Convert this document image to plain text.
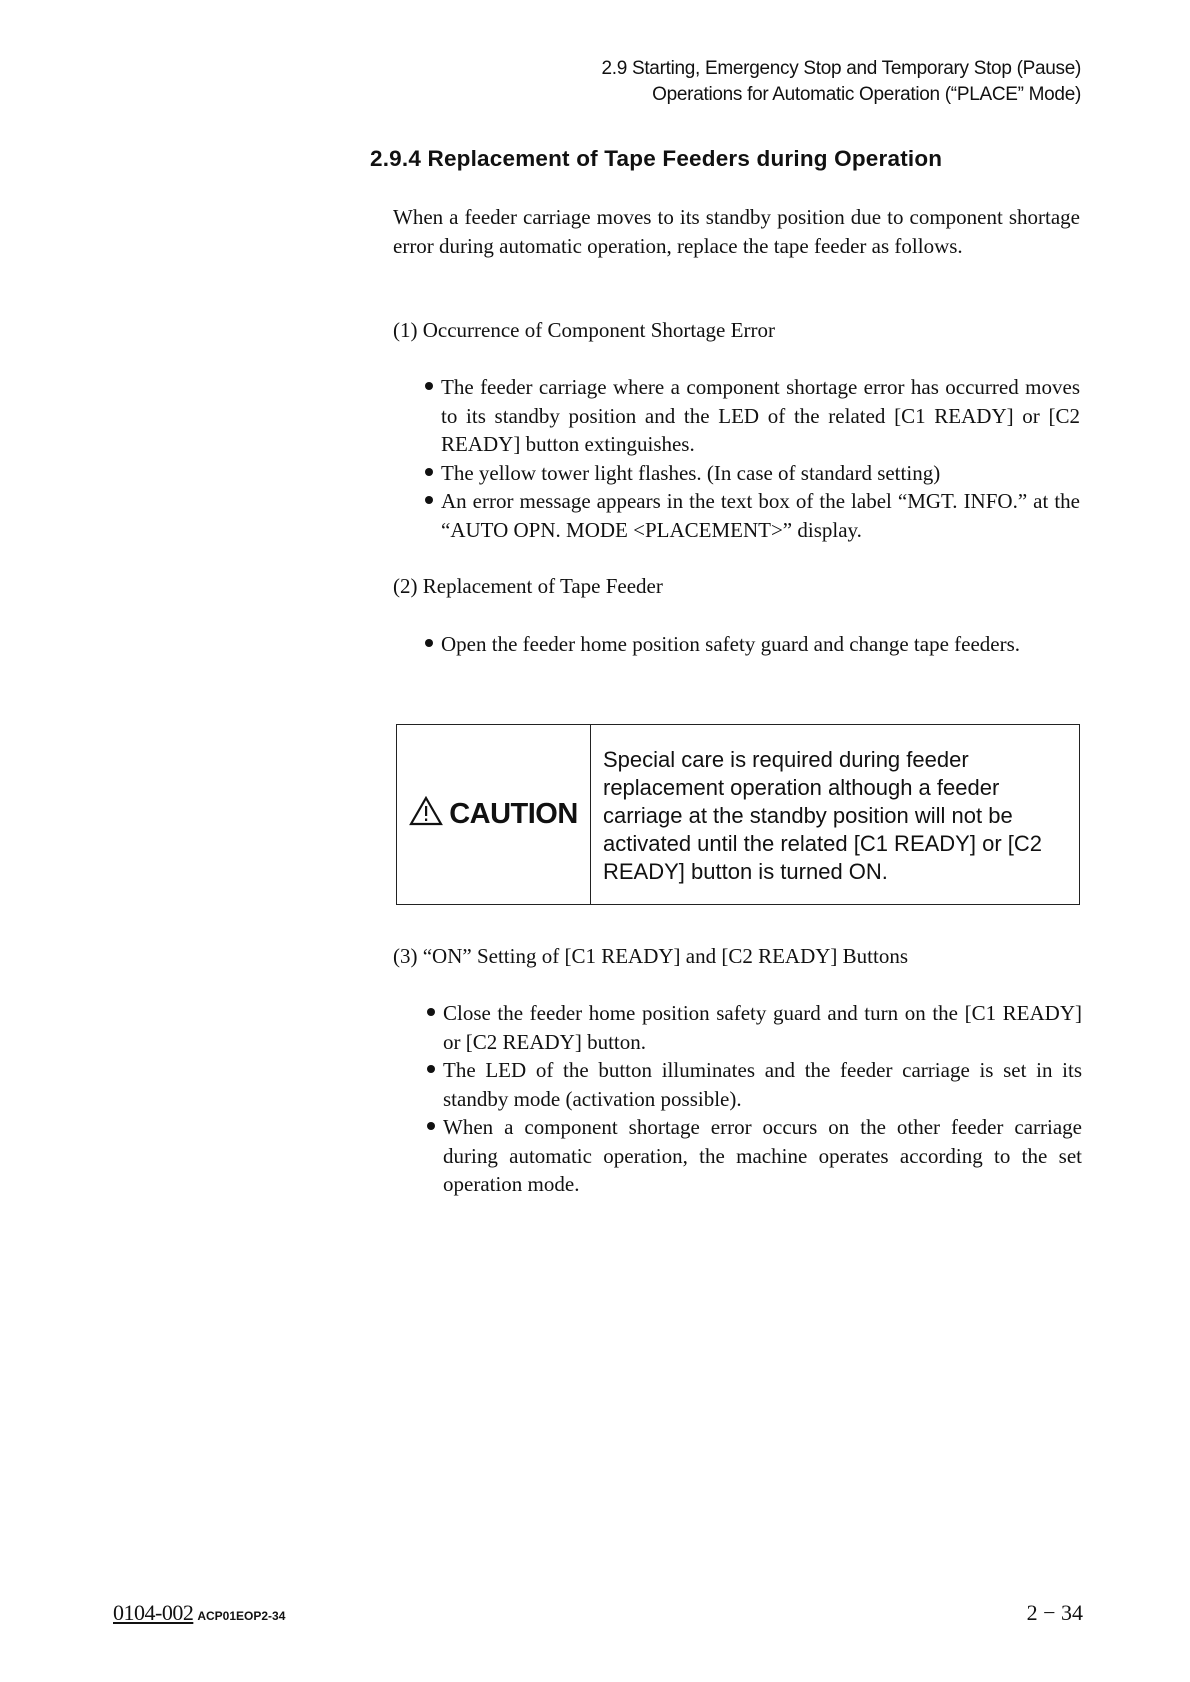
2.9 Starting, Emergency Stop and Temporary Stop (Pause)
Operations for Automatic Operation (“PLACE” Mode)
2.9.4 Replacement of Tape Feeders during Operation
When a feeder carriage moves to its standby position due to component shortage error during automatic operation, replace the tape feeder as follows.
(1) Occurrence of Component Shortage Error
The feeder carriage where a component shortage error has occurred moves to its standby position and the LED of the related [C1 READY] or [C2 READY] button extinguishes.
The yellow tower light flashes. (In case of standard setting)
An error message appears in the text box of the label “MGT. INFO.” at the “AUTO OPN. MODE <PLACEMENT>” display.
(2) Replacement of Tape Feeder
Open the feeder home position safety guard and change tape feeders.
CAUTION
Special care is required during feeder replacement operation although a feeder carriage at the standby position will not be activated until the related [C1 READY] or [C2 READY] button is turned ON.
(3) “ON” Setting of [C1 READY] and [C2 READY] Buttons
Close the feeder home position safety guard and turn on the [C1 READY] or [C2 READY] button.
The LED of the button illuminates and the feeder carriage is set in its standby mode (activation possible).
When a component shortage error occurs on the other feeder carriage during automatic operation, the machine operates according to the set operation mode.
0104-002 ACP01EOP2-34	2 − 34
